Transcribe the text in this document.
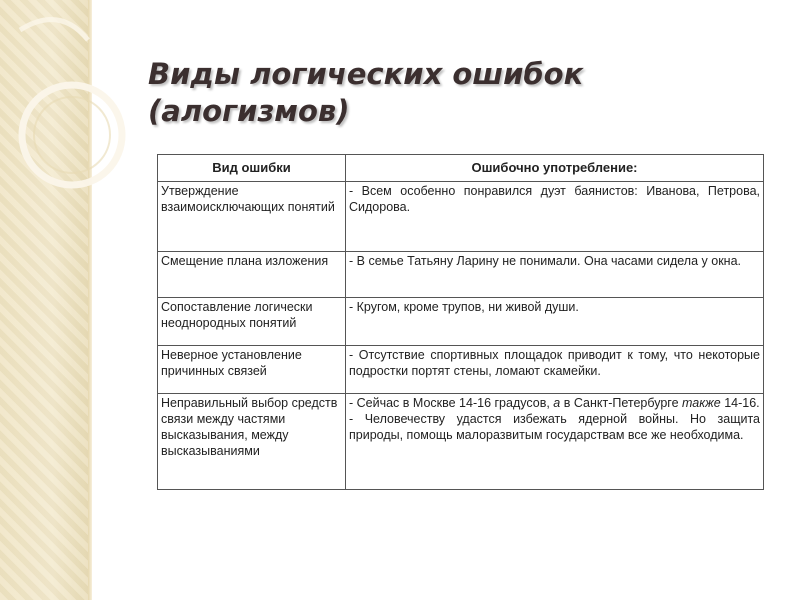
Виды логических ошибок
(алогизмов)
Вид ошибки	Ошибочно употребление:
Утверждение взаимоисключающих понятий	- Всем особенно понравился дуэт баянистов: Иванова, Петрова, Сидорова.
Смещение плана изложения	- В семье Татьяну Ларину не понимали. Она часами сидела у окна.
Сопоставление логически неоднородных понятий	- Кругом, кроме трупов, ни живой души.
Неверное установление причинных связей	- Отсутствие спортивных площадок приводит к тому, что некоторые подростки портят стены, ломают скамейки.
Неправильный выбор средств связи между частями высказывания, между высказываниями	- Сейчас в Москве 14-16 градусов, а в Санкт-Петербурге также 14-16.
- Человечеству удастся избежать ядерной войны. Но защита природы, помощь малоразвитым государствам все же необходима.
